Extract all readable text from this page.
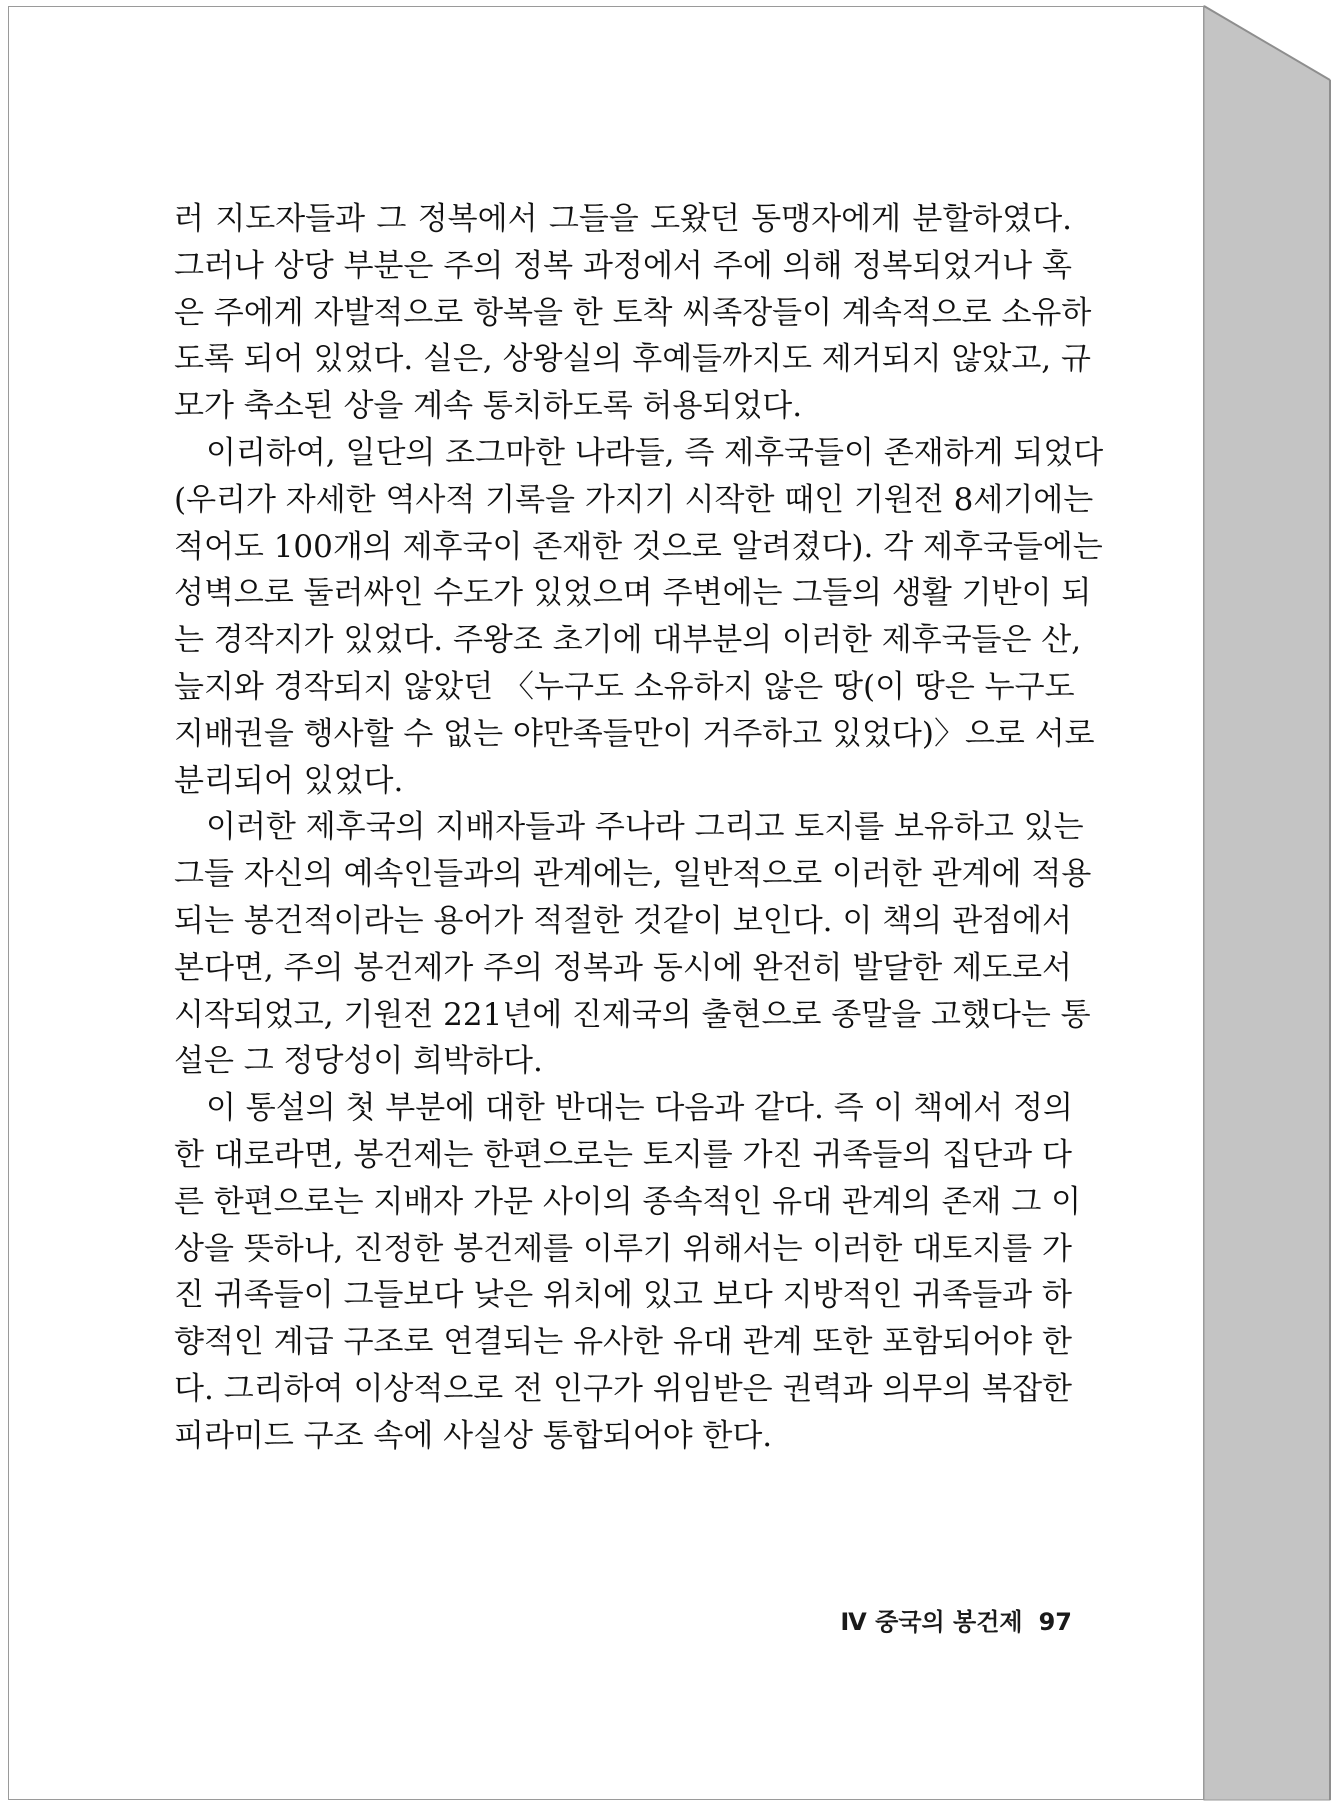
러 지도자들과 그 정복에서 그들을 도왔던 동맹자에게 분할하였다.
그러나 상당 부분은 주의 정복 과정에서 주에 의해 정복되었거나 혹
은 주에게 자발적으로 항복을 한 토착 씨족장들이 계속적으로 소유하
도록 되어 있었다. 실은, 상왕실의 후예들까지도 제거되지 않았고, 규
모가 축소된 상을 계속 통치하도록 허용되었다.
이리하여, 일단의 조그마한 나라들, 즉 제후국들이 존재하게 되었다
(우리가 자세한 역사적 기록을 가지기 시작한 때인 기원전 8세기에는
적어도 100개의 제후국이 존재한 것으로 알려졌다). 각 제후국들에는
성벽으로 둘러싸인 수도가 있었으며 주변에는 그들의 생활 기반이 되
는 경작지가 있었다. 주왕조 초기에 대부분의 이러한 제후국들은 산,
늪지와 경작되지 않았던 〈누구도 소유하지 않은 땅(이 땅은 누구도
지배권을 행사할 수 없는 야만족들만이 거주하고 있었다)〉으로 서로
분리되어 있었다.
이러한 제후국의 지배자들과 주나라 그리고 토지를 보유하고 있는
그들 자신의 예속인들과의 관계에는, 일반적으로 이러한 관계에 적용
되는 봉건적이라는 용어가 적절한 것같이 보인다. 이 책의 관점에서
본다면, 주의 봉건제가 주의 정복과 동시에 완전히 발달한 제도로서
시작되었고, 기원전 221년에 진제국의 출현으로 종말을 고했다는 통
설은 그 정당성이 희박하다.
이 통설의 첫 부분에 대한 반대는 다음과 같다. 즉 이 책에서 정의
한 대로라면, 봉건제는 한편으로는 토지를 가진 귀족들의 집단과 다
른 한편으로는 지배자 가문 사이의 종속적인 유대 관계의 존재 그 이
상을 뜻하나, 진정한 봉건제를 이루기 위해서는 이러한 대토지를 가
진 귀족들이 그들보다 낮은 위치에 있고 보다 지방적인 귀족들과 하
향적인 계급 구조로 연결되는 유사한 유대 관계 또한 포함되어야 한
다. 그리하여 이상적으로 전 인구가 위임받은 권력과 의무의 복잡한
피라미드 구조 속에 사실상 통합되어야 한다.
Ⅳ 중국의 봉건제 97
